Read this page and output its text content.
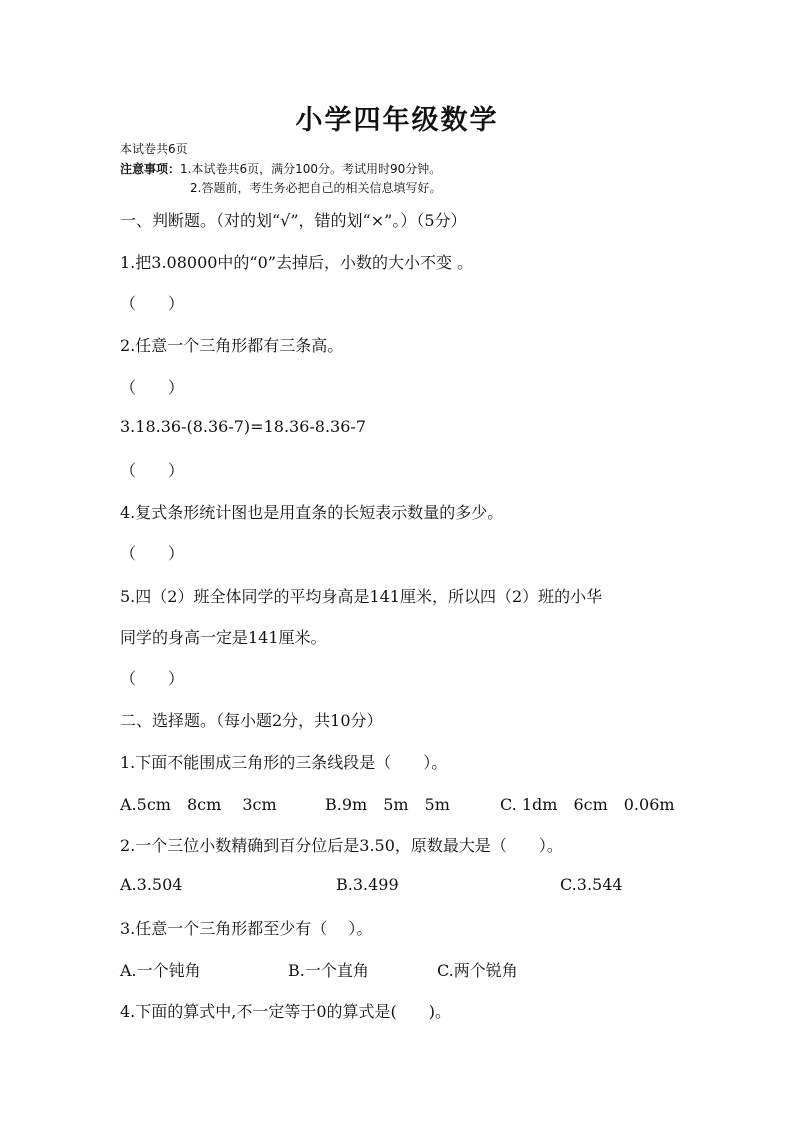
小学四年级数学
本试卷共6页
注意事项：1.本试卷共6页，满分100分。考试用时90分钟。
2.答题前，考生务必把自己的相关信息填写好。
一、判断题。（对的划“√”，错的划“×”。）（5分）
1.把3.08000中的“0”去掉后，小数的大小不变 。
（　　）
2.任意一个三角形都有三条高。
（　　）
3.18.36-(8.36-7)=18.36-8.36-7
（　　）
4.复式条形统计图也是用直条的长短表示数量的多少。
（　　）
5.四（2）班全体同学的平均身高是141厘米，所以四（2）班的小华
同学的身高一定是141厘米。
（　　）
二、选择题。（每小题2分，共10分）
1.下面不能围成三角形的三条线段是（　　）。
A.5cm　8cm　 3cm	B.9m　5m　5m	C. 1dm　6cm　0.06m
2.一个三位小数精确到百分位后是3.50，原数最大是（　　）。
A.3.504	B.3.499	C.3.544
3.任意一个三角形都至少有（　 ）。
A.一个钝角	B.一个直角	C.两个锐角
4.下面的算式中,不一定等于0的算式是(　　)。
